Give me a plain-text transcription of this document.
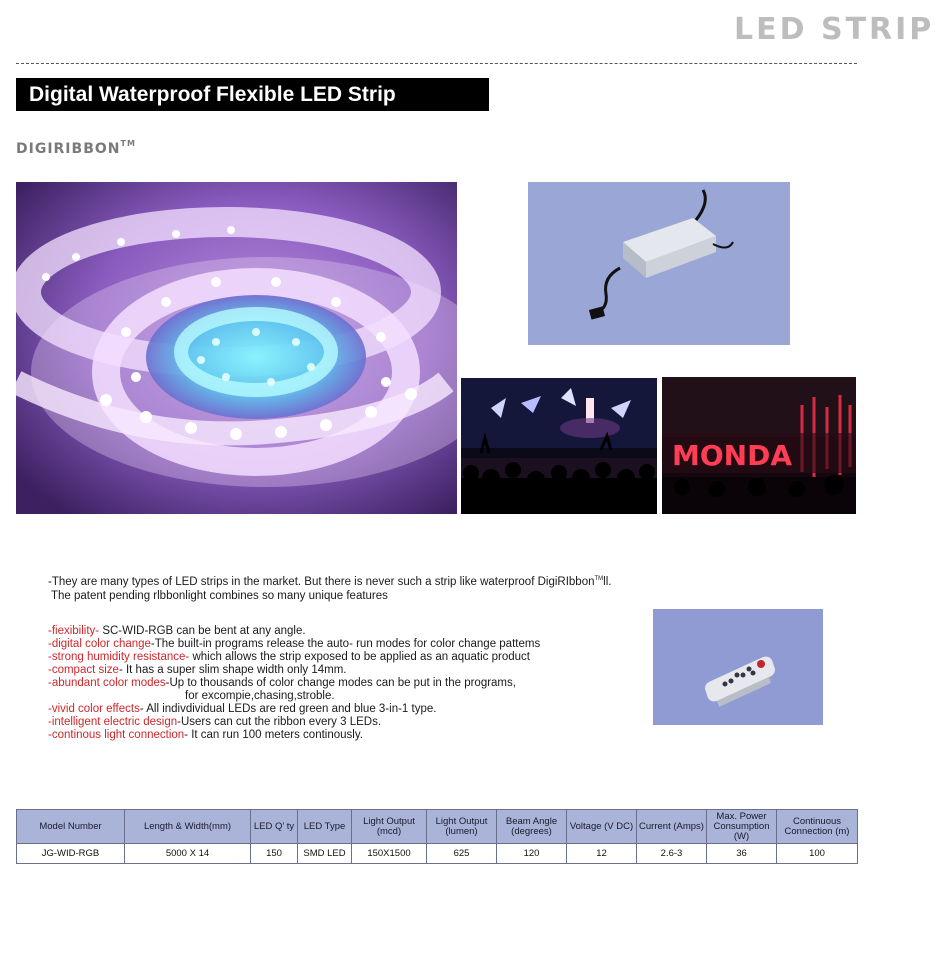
LED STRIP
Digital Waterproof Flexible LED Strip
DIGIRIBBON™
MONDA
-They are many types of LED strips in the market. But there is never such a strip like waterproof DigiRIbbon™ll.
The patent pending rlbbonlight combines so many unique features
-fiexibility- SC-WID-RGB can be bent at any angle.
-digital color change-The built-in programs release the auto- run modes for color change pattems
-strong humidity resistance- which allows the strip exposed to be applied as an aquatic product
-compact size- It has a super slim shape width only 14mm.
-abundant color modes-Up to thousands of color change modes can be put in the programs,
for excompie,chasing,stroble.
-vivid color effects- All indivdividual LEDs are red green and blue 3-in-1 type.
-intelligent electric design-Users can cut the ribbon every 3 LEDs.
-continous light connection- It can run 100 meters continously.
Model Number	Length & Width(mm)	LED Q’ ty	LED Type	Light Output (mcd)	Light Output (lumen)	Beam Angle (degrees)	Voltage (V DC)	Current (Amps)	Max. Power Consumption (W)	Continuous Connection (m)
JG-WID-RGB	5000 X 14	150	SMD LED	150X1500	625	120	12	2.6-3	36	100
